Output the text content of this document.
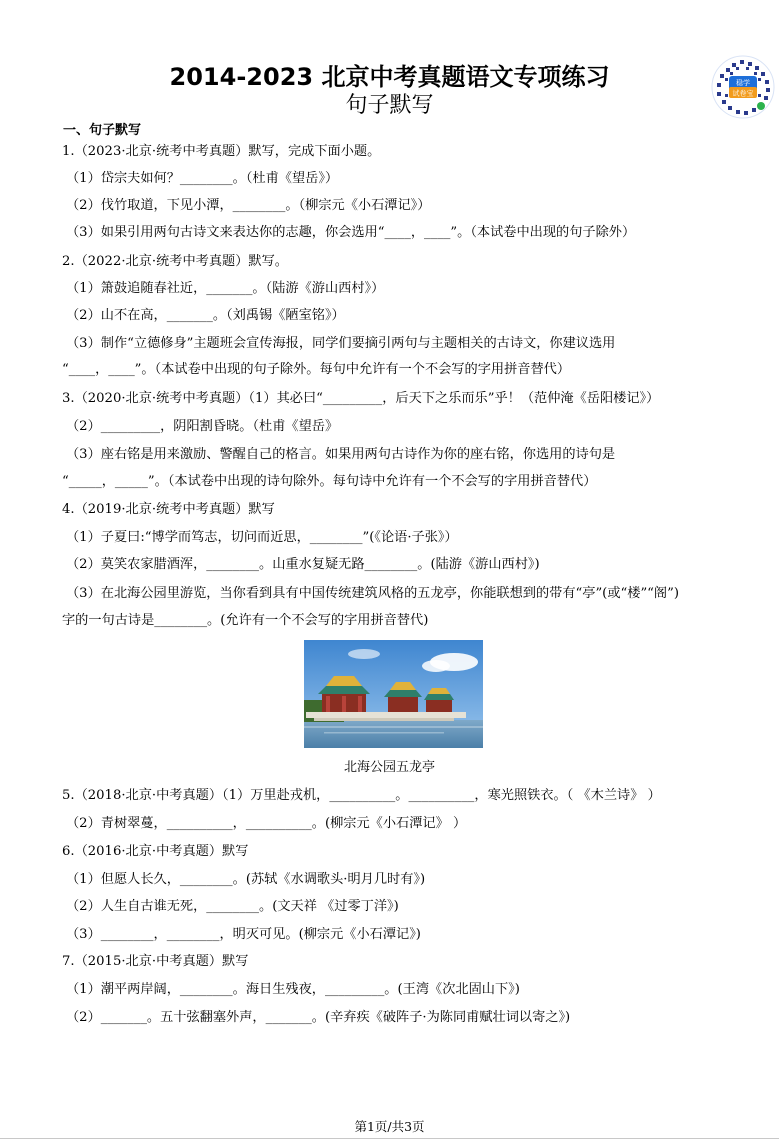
2014-2023 北京中考真题语文专项练习
句子默写
稳学
试卷宝
一、句子默写
1.（2023·北京·统考中考真题）默写，完成下面小题。
（1）岱宗夫如何？________。（杜甫《望岳》）
（2）伐竹取道，下见小潭，________。（柳宗元《小石潭记》）
（3）如果引用两句古诗文来表达你的志趣，你会选用“____，____”。（本试卷中出现的句子除外）
2.（2022·北京·统考中考真题）默写。
（1）箫鼓追随春社近，_______。（陆游《游山西村》）
（2）山不在高，_______。（刘禹锡《陋室铭》）
（3）制作“立德修身”主题班会宣传海报，同学们要摘引两句与主题相关的古诗文，你建议选用
“____，____”。（本试卷中出现的句子除外。每句中允许有一个不会写的字用拼音替代）
3.（2020·北京·统考中考真题）（1）其必曰“_________，后天下之乐而乐”乎！（范仲淹《岳阳楼记》）
（2）_________，阴阳割昏晓。（杜甫《望岳》
（3）座右铭是用来激励、警醒自己的格言。如果用两句古诗作为你的座右铭，你选用的诗句是
“_____，_____”。（本试卷中出现的诗句除外。每句诗中允许有一个不会写的字用拼音替代）
4.（2019·北京·统考中考真题）默写
（1）子夏曰:“博学而笃志，切问而近思，________”(《论语·子张》）
（2）莫笑农家腊酒浑，________。山重水复疑无路________。(陆游《游山西村》)
（3）在北海公园里游览，当你看到具有中国传统建筑风格的五龙亭，你能联想到的带有“亭”(或“楼”“阁”)
字的一句古诗是________。(允许有一个不会写的字用拼音替代)
北海公园五龙亭
5.（2018·北京·中考真题）（1）万里赴戎机，__________。__________，寒光照铁衣。（ 《木兰诗》 ）
（2）青树翠蔓，__________，__________。(柳宗元《小石潭记》 ）
6.（2016·北京·中考真题）默写
（1）但愿人长久，________。(苏轼《水调歌头·明月几时有》)
（2）人生自古谁无死，________。(文天祥 《过零丁洋》)
（3）________，________，明灭可见。(柳宗元《小石潭记》)
7.（2015·北京·中考真题）默写
（1）潮平两岸阔，________。海日生残夜，_________。(王湾《次北固山下》)
（2）_______。五十弦翻塞外声，_______。(辛弃疾《破阵子·为陈同甫赋壮词以寄之》)
第1页/共3页
